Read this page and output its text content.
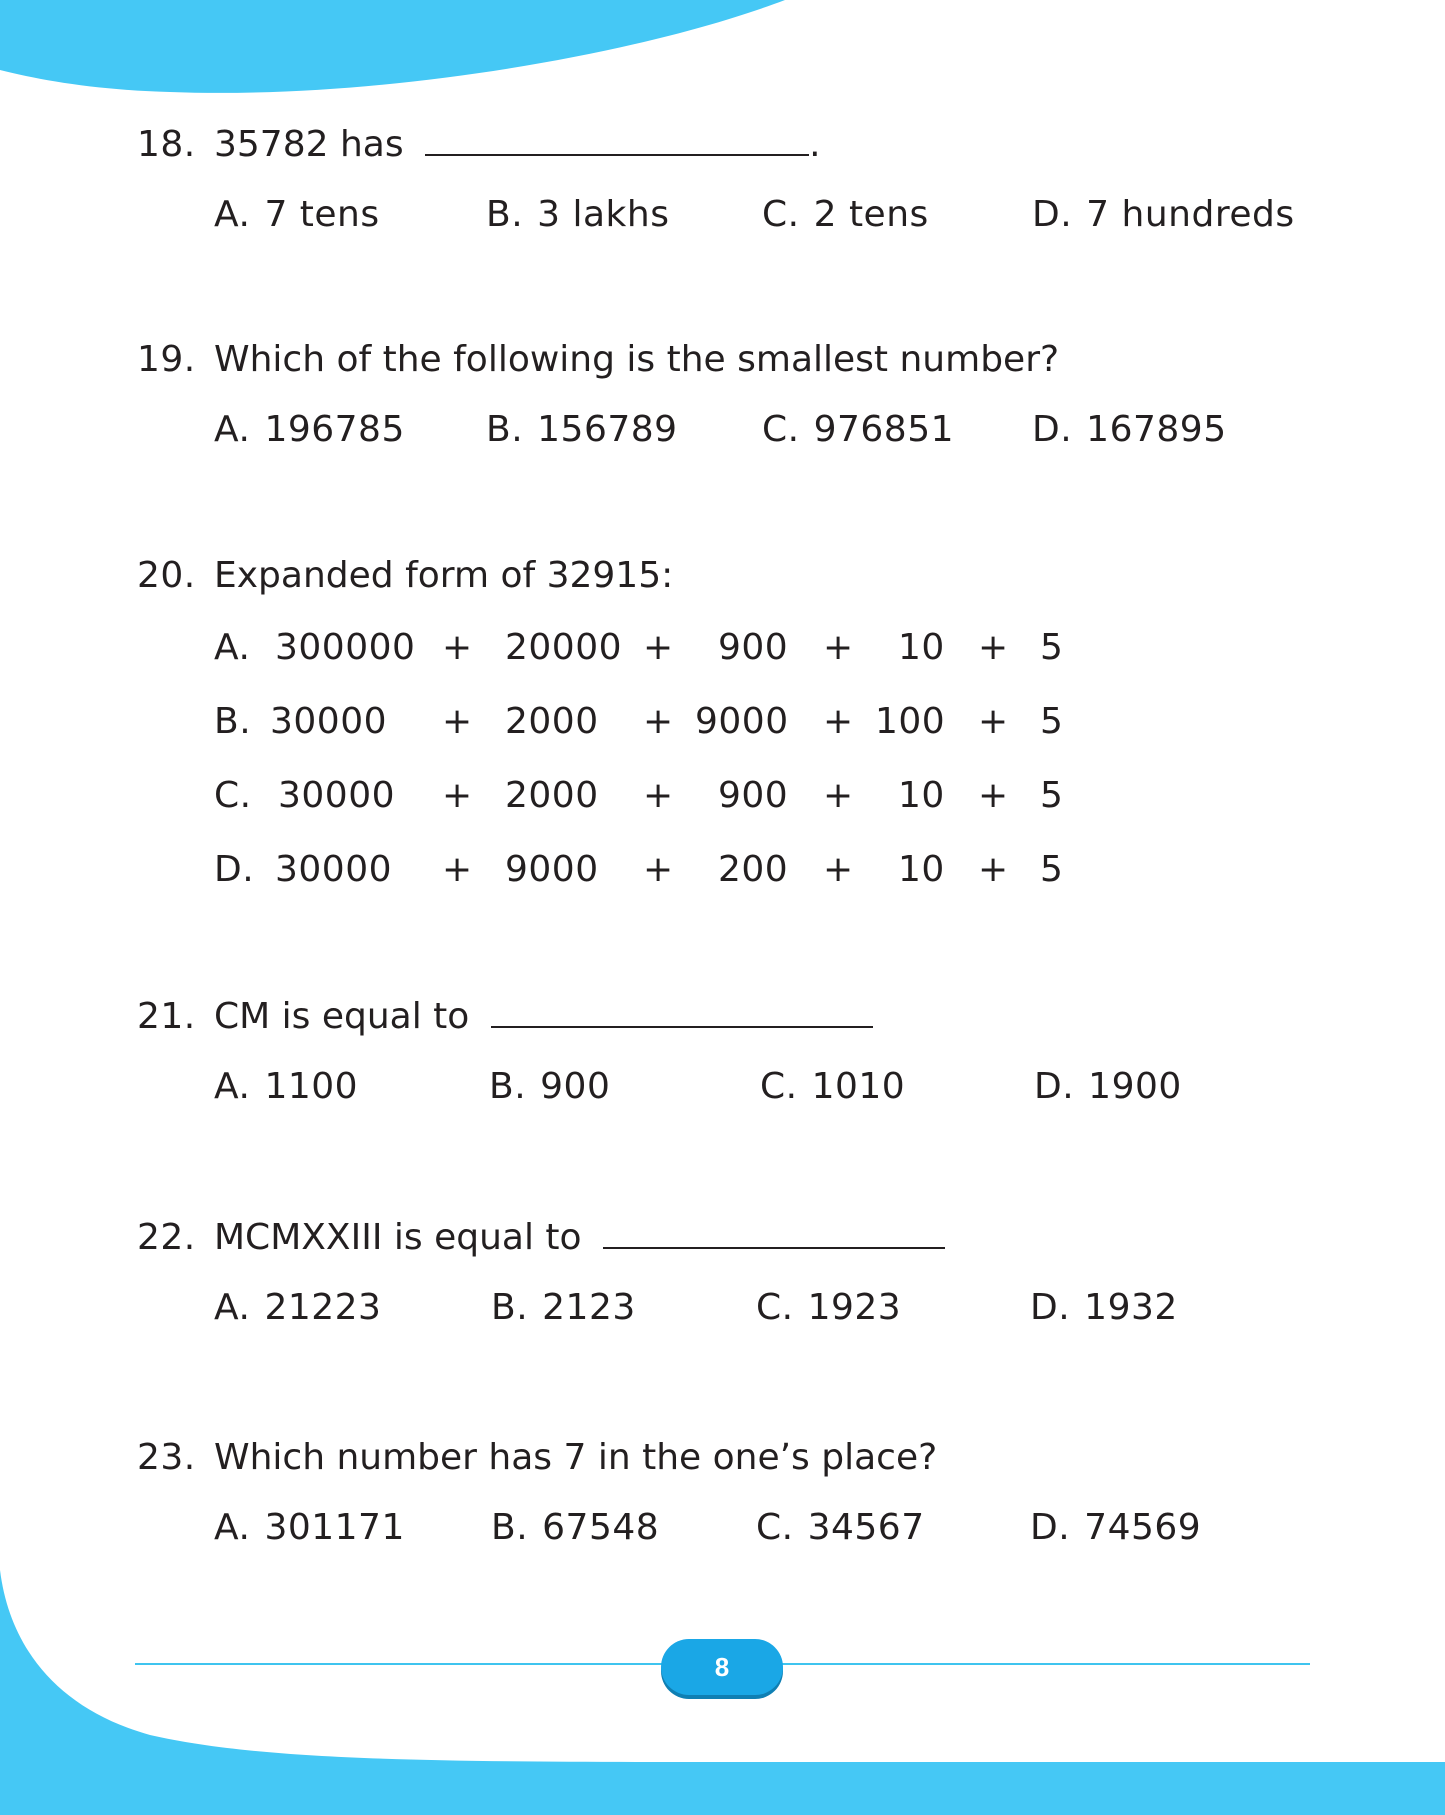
18. 35782 has	.
A. 7 tens	B. 3 lakhs	C. 2 tens	D. 7 hundreds
19. Which of the following is the smallest number?
A. 196785 B. 156789 C. 976851 D. 167895
20. Expanded form of 32915:
A. 300000 + 20000 + 900 + 10 + 5
B. 30000 + 2000 + 9000 + 100 + 5
C. 30000 + 2000 + 900 + 10 + 5
D. 30000 + 9000 + 200 + 10 + 5
21. CM is equal to
A. 1100	B. 900	C. 1010	D. 1900
22. MCMXXIII is equal to
A. 21223	B. 2123	C. 1923	D. 1932
23. Which number has 7 in the one’s place?
A. 301171 B. 67548	C. 34567	D. 74569
8
